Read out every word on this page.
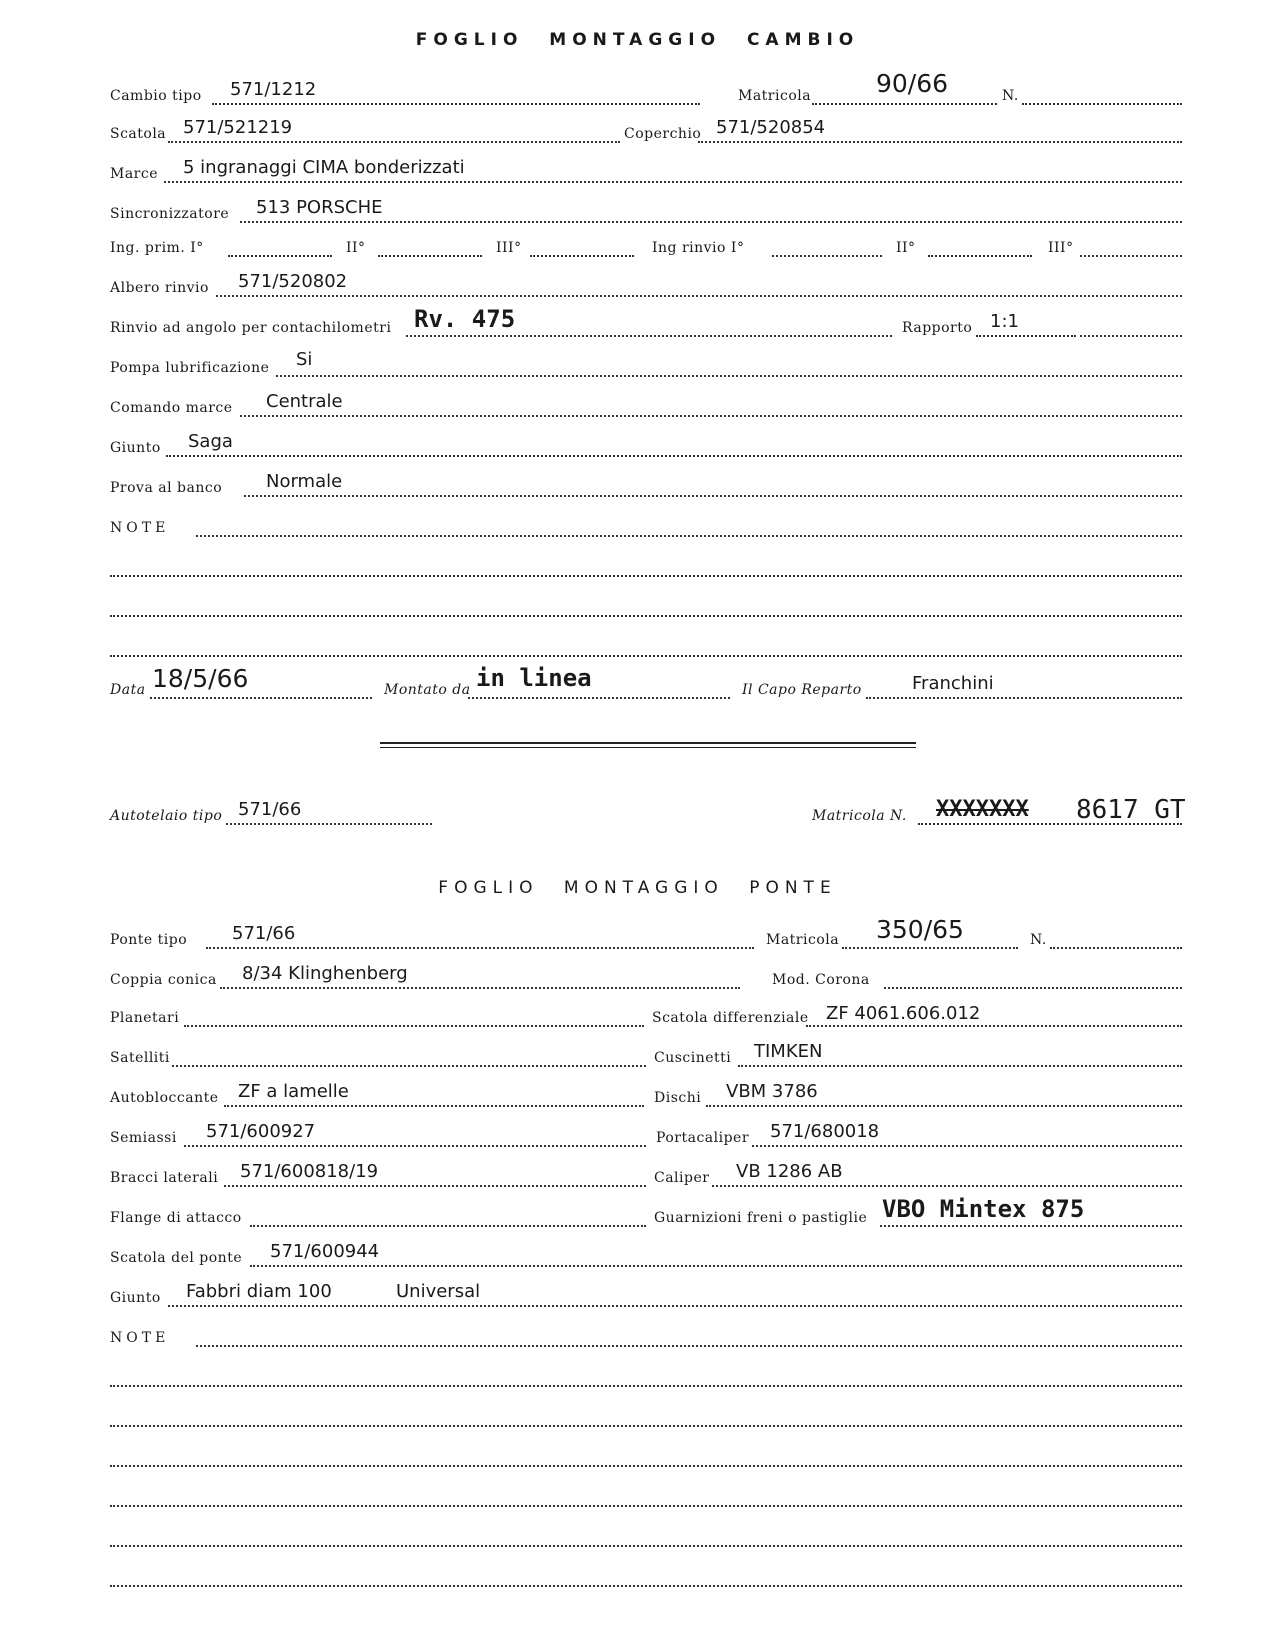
FOGLIO MONTAGGIO CAMBIO
Cambio tipo 571/1212	Matricola	90/66	N.
Scatola 571/521219	Coperchio 571/520854
Marce 5 ingranaggi CIMA bonderizzati
Sincronizzatore 513 PORSCHE
Ing. prim. I°	II°	III°	Ing rinvio I°	II°	III°
Albero rinvio 571/520802
Rinvio ad angolo per contachilometri Rv. 475	Rapporto 1:1
Pompa lubrificazione Si
Comando marce Centrale
Giunto Saga
Prova al banco Normale
NOTE
Data 18/5/66	Montato da in linea	Il Capo Reparto	Franchini
Autotelaio tipo 571/66	Matricola N. XXXXXXX 8617 GT
FOGLIO MONTAGGIO PONTE
Ponte tipo 571/66	Matricola 350/65	N.
Coppia conica 8/34 Klinghenberg	Mod. Corona
Planetari	Scatola differenziale ZF 4061.606.012
Satelliti	Cuscinetti TIMKEN
Autobloccante ZF a lamelle	Dischi VBM 3786
Semiassi 571/600927	Portacaliper 571/680018
Bracci laterali 571/600818/19	Caliper VB 1286 AB
Flange di attacco	Guarnizioni freni o pastiglie VBO Mintex 875
Scatola del ponte 571/600944
Giunto Fabbri diam 100	Universal
NOTE
